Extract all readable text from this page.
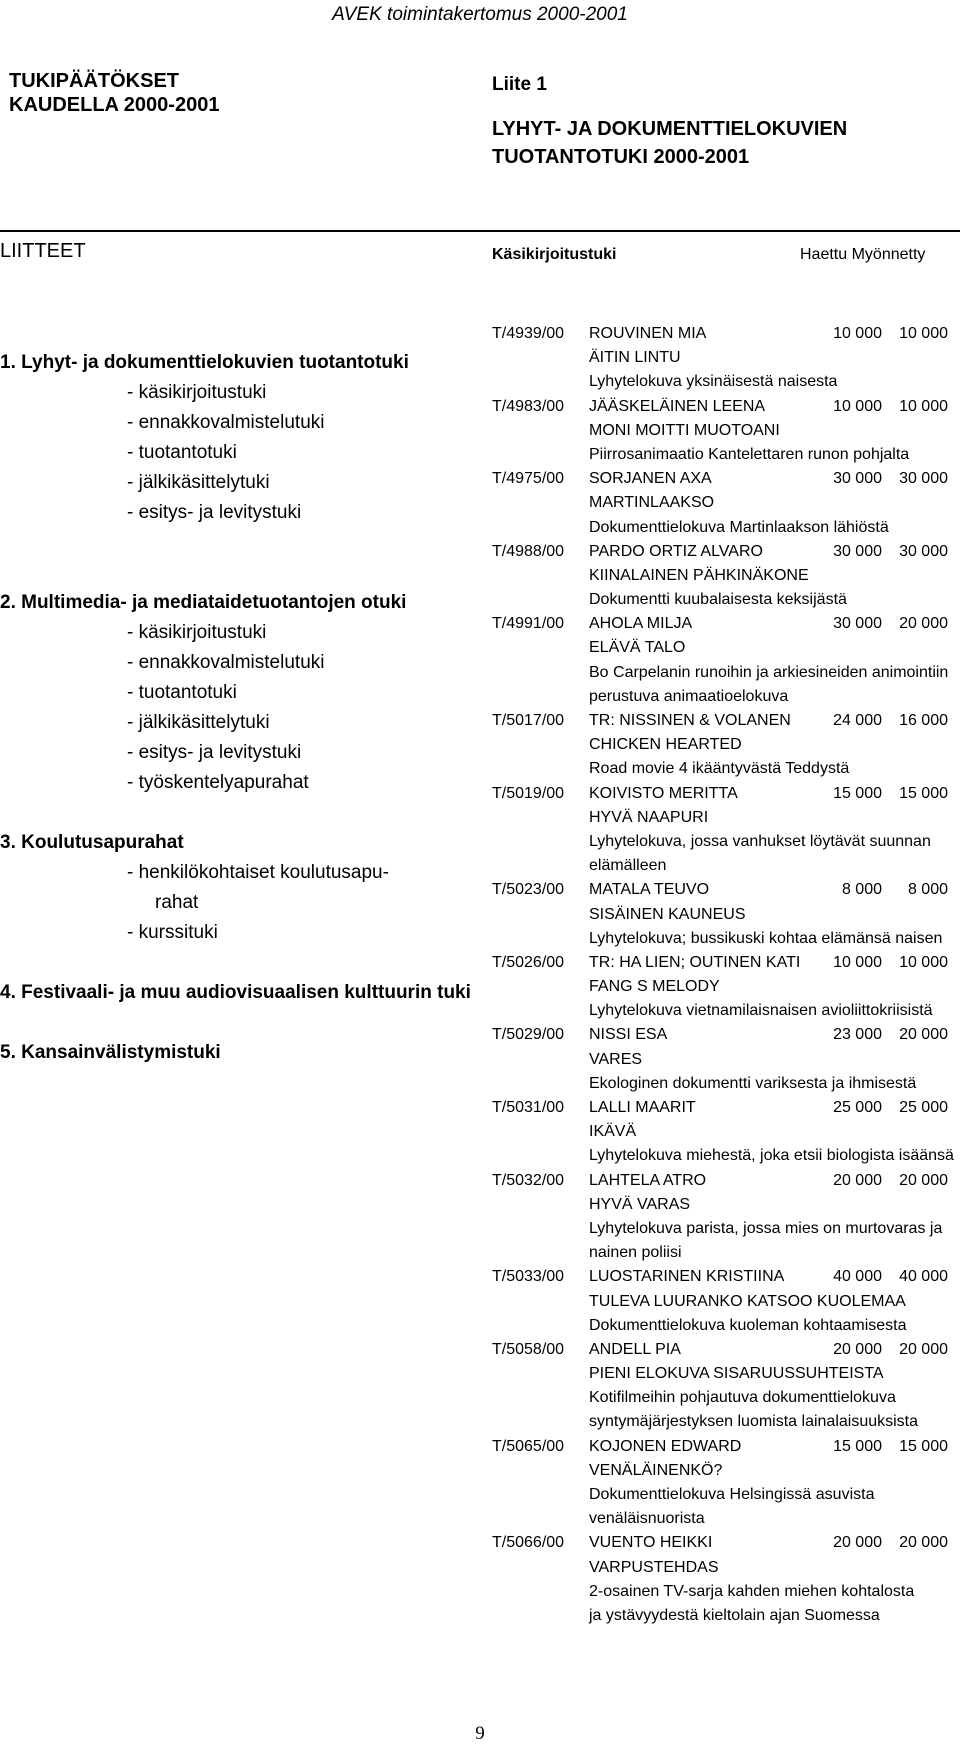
AVEK toimintakertomus 2000-2001
TUKIPÄÄTÖKSET
KAUDELLA 2000-2001
Liite 1
LYHYT- JA DOKUMENTTIELOKUVIEN
TUOTANTOTUKI 2000-2001
LIITTEET	Käsikirjoitustuki	Haettu Myönnetty
1. Lyhyt- ja dokumenttielokuvien tuotantotuki
- käsikirjoitustuki
- ennakkovalmistelutuki
- tuotantotuki
- jälkikäsittelytuki
- esitys- ja levitystuki
2. Multimedia- ja mediataidetuotantojen otuki
- käsikirjoitustuki
- ennakkovalmistelutuki
- tuotantotuki
- jälkikäsittelytuki
- esitys- ja levitystuki
- työskentelyapurahat
3. Koulutusapurahat
- henkilökohtaiset koulutusapu-
rahat
- kurssituki
4. Festivaali- ja muu audiovisuaalisen kulttuurin tuki
5. Kansainvälistymistuki
T/4939/00 ROUVINEN MIA	10 000	10 000
ÄITIN LINTU
Lyhytelokuva yksinäisestä naisesta
T/4983/00 JÄÄSKELÄINEN LEENA	10 000	10 000
MONI MOITTI MUOTOANI
Piirrosanimaatio Kantelettaren runon pohjalta
T/4975/00 SORJANEN AXA	30 000	30 000
MARTINLAAKSO
Dokumenttielokuva Martinlaakson lähiöstä
T/4988/00 PARDO ORTIZ ALVARO	30 000	30 000
KIINALAINEN PÄHKINÄKONE
Dokumentti kuubalaisesta keksijästä
T/4991/00 AHOLA MILJA	30 000	20 000
ELÄVÄ TALO
Bo Carpelanin runoihin ja arkiesineiden animointiin
perustuva animaatioelokuva
T/5017/00 TR: NISSINEN & VOLANEN	24 000	16 000
CHICKEN HEARTED
Road movie 4 ikääntyvästä Teddystä
T/5019/00 KOIVISTO MERITTA	15 000	15 000
HYVÄ NAAPURI
Lyhytelokuva, jossa vanhukset löytävät suunnan
elämälleen
T/5023/00 MATALA TEUVO	8 000	8 000
SISÄINEN KAUNEUS
Lyhytelokuva; bussikuski kohtaa elämänsä naisen
T/5026/00 TR: HA LIEN; OUTINEN KATI	10 000	10 000
FANG S MELODY
Lyhytelokuva vietnamilaisnaisen avioliittokriisistä
T/5029/00 NISSI ESA	23 000	20 000
VARES
Ekologinen dokumentti variksesta ja ihmisestä
T/5031/00 LALLI MAARIT	25 000	25 000
IKÄVÄ
Lyhytelokuva miehestä, joka etsii biologista isäänsä
T/5032/00 LAHTELA ATRO	20 000	20 000
HYVÄ VARAS
Lyhytelokuva parista, jossa mies on murtovaras ja
nainen poliisi
T/5033/00 LUOSTARINEN KRISTIINA	40 000	40 000
TULEVA LUURANKO KATSOO KUOLEMAA
Dokumenttielokuva kuoleman kohtaamisesta
T/5058/00 ANDELL PIA	20 000	20 000
PIENI ELOKUVA SISARUUSSUHTEISTA
Kotifilmeihin pohjautuva dokumenttielokuva
syntymäjärjestyksen luomista lainalaisuuksista
T/5065/00 KOJONEN EDWARD	15 000	15 000
VENÄLÄINENKÖ?
Dokumenttielokuva Helsingissä asuvista
venäläisnuorista
T/5066/00 VUENTO HEIKKI	20 000	20 000
VARPUSTEHDAS
2-osainen TV-sarja kahden miehen kohtalosta
ja ystävyydestä kieltolain ajan Suomessa
9
